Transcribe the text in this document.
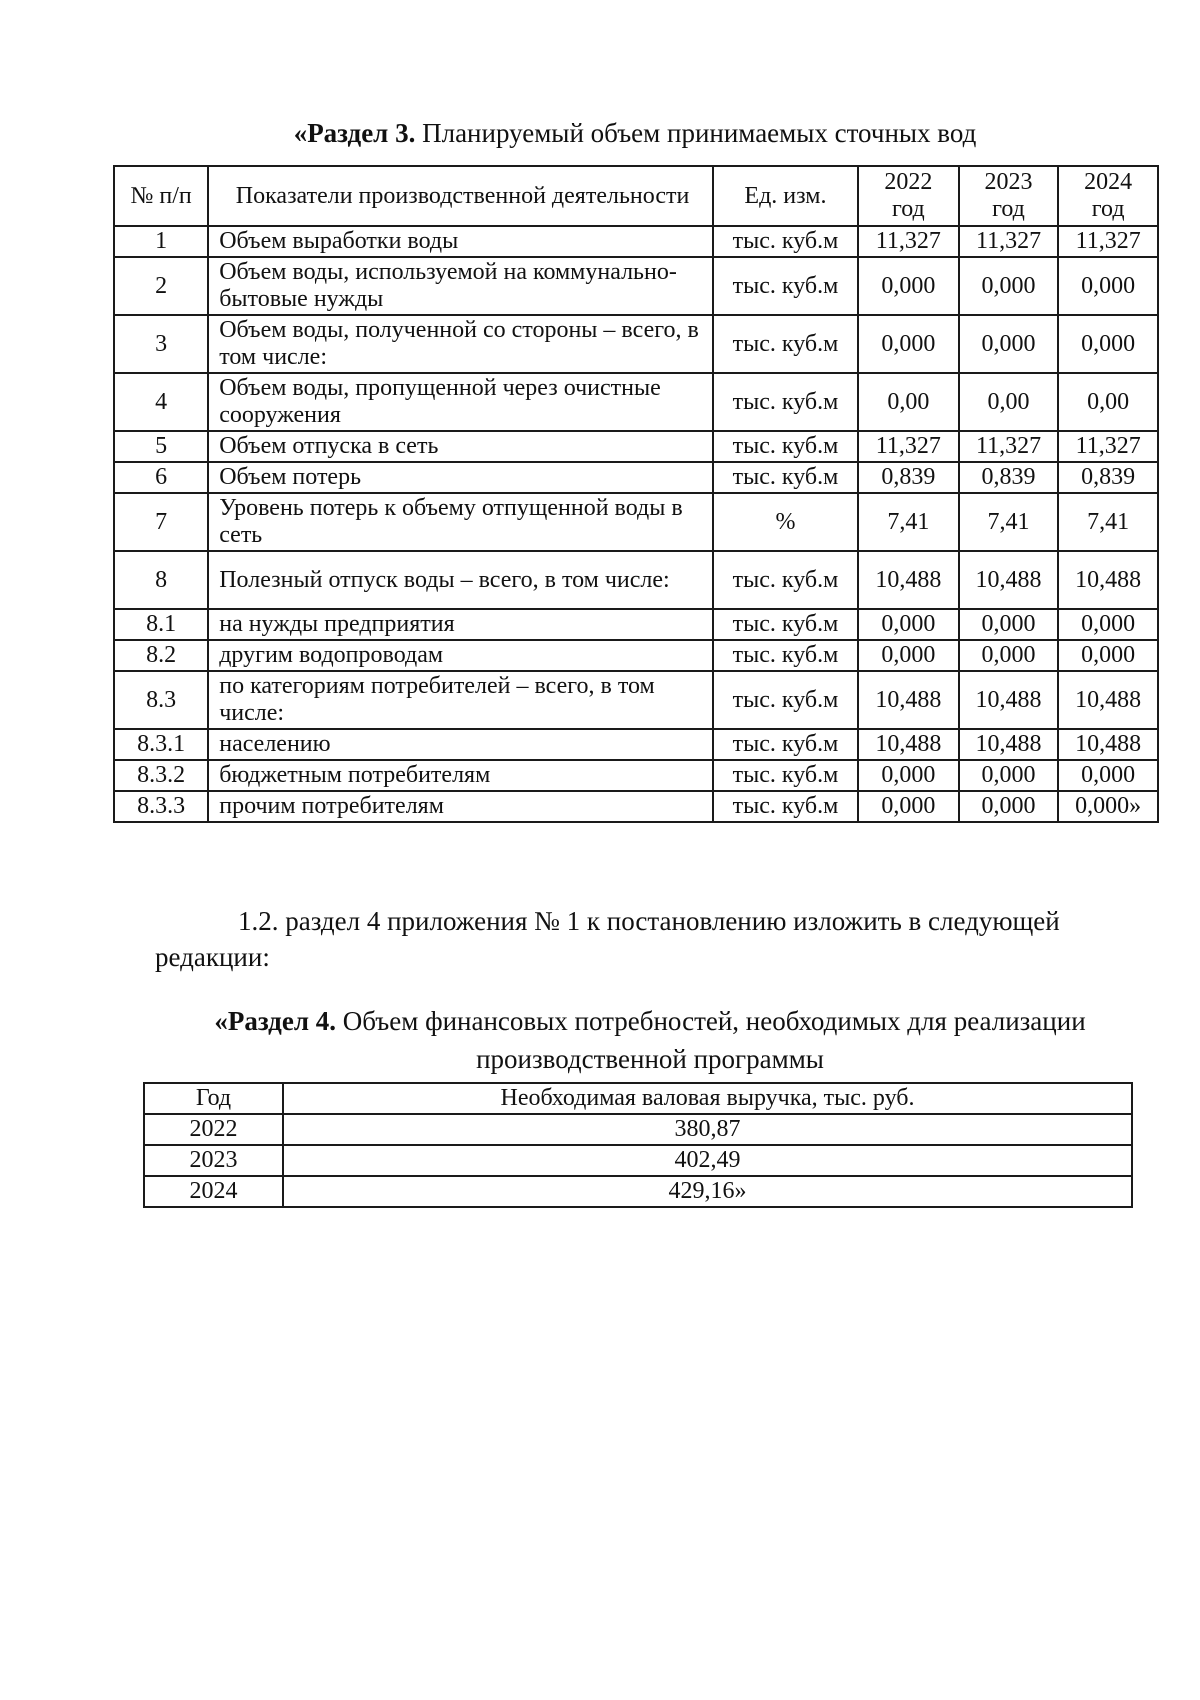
«Раздел 3. Планируемый объем принимаемых сточных вод
№ п/п	Показатели производственной деятельности	Ед. изм.	2022 год	2023 год	2024 год
1	Объем выработки воды	тыс. куб.м	11,327	11,327	11,327
2	Объем воды, используемой на коммунально-бытовые нужды	тыс. куб.м	0,000	0,000	0,000
3	Объем воды, полученной со стороны – всего, в том числе:	тыс. куб.м	0,000	0,000	0,000
4	Объем воды, пропущенной через очистные сооружения	тыс. куб.м	0,00	0,00	0,00
5	Объем отпуска в сеть	тыс. куб.м	11,327	11,327	11,327
6	Объем потерь	тыс. куб.м	0,839	0,839	0,839
7	Уровень потерь к объему отпущенной воды в сеть	%	7,41	7,41	7,41
8	Полезный отпуск воды – всего, в том числе:	тыс. куб.м	10,488	10,488	10,488
8.1	на нужды предприятия	тыс. куб.м	0,000	0,000	0,000
8.2	другим водопроводам	тыс. куб.м	0,000	0,000	0,000
8.3	по категориям потребителей – всего, в том числе:	тыс. куб.м	10,488	10,488	10,488
8.3.1	населению	тыс. куб.м	10,488	10,488	10,488
8.3.2	бюджетным потребителям	тыс. куб.м	0,000	0,000	0,000
8.3.3	прочим потребителям	тыс. куб.м	0,000	0,000	0,000»
1.2. раздел 4 приложения № 1 к постановлению изложить в следующей редакции:
«Раздел 4. Объем финансовых потребностей, необходимых для реализации производственной программы
Год	Необходимая валовая выручка, тыс. руб.
2022	380,87
2023	402,49
2024	429,16»
